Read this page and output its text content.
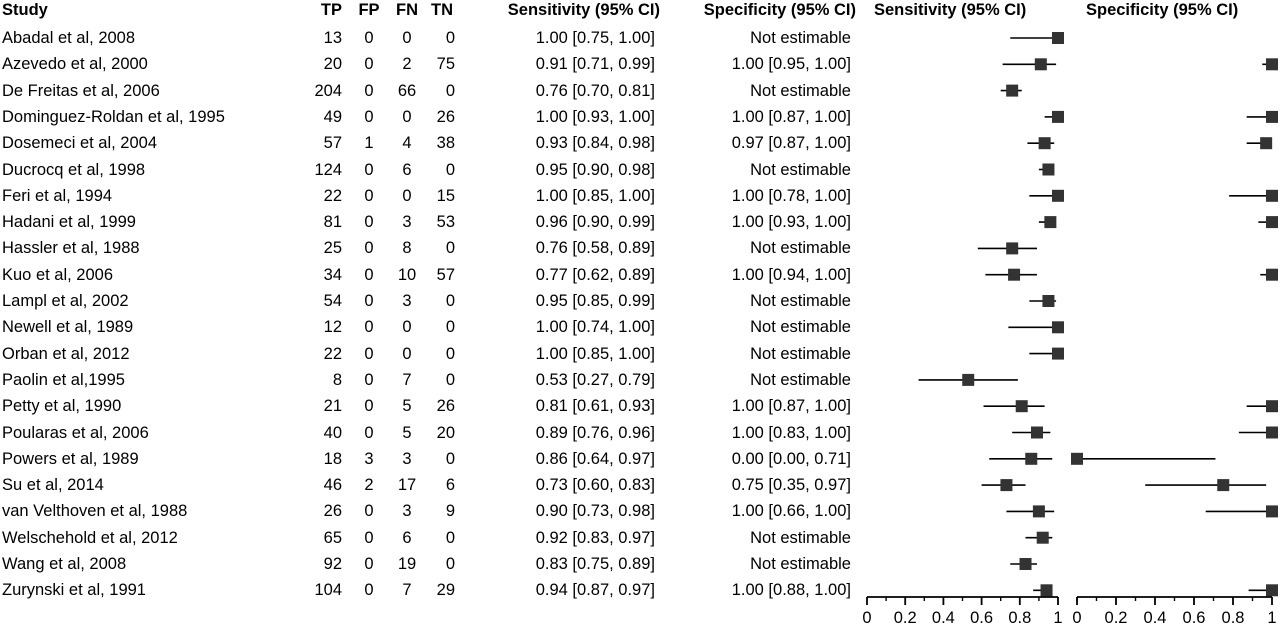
Study	TP FP FN TN	Sensitivity (95% CI)	Specificity (95% CI) Sensitivity (95% CI)	Specificity (95% CI)
Abadal et al, 2008	13	0	0	0	1.00 [0.75, 1.00]	Not estimable
Azevedo et al, 2000	20	0	2	75	0.91 [0.71, 0.99]	1.00 [0.95, 1.00]
De Freitas et al, 2006	204	0	66	0	0.76 [0.70, 0.81]	Not estimable
Dominguez-Roldan et al, 1995	49	0	0	26	1.00 [0.93, 1.00]	1.00 [0.87, 1.00]
Dosemeci et al, 2004	57	1	4	38	0.93 [0.84, 0.98]	0.97 [0.87, 1.00]
Ducrocq et al, 1998	124	0	6	0	0.95 [0.90, 0.98]	Not estimable
Feri et al, 1994	22	0	0	15	1.00 [0.85, 1.00]	1.00 [0.78, 1.00]
Hadani et al, 1999	81	0	3	53	0.96 [0.90, 0.99]	1.00 [0.93, 1.00]
Hassler et al, 1988	25	0	8	0	0.76 [0.58, 0.89]	Not estimable
Kuo et al, 2006	34	0	10	57	0.77 [0.62, 0.89]	1.00 [0.94, 1.00]
Lampl et al, 2002	54	0	3	0	0.95 [0.85, 0.99]	Not estimable
Newell et al, 1989	12	0	0	0	1.00 [0.74, 1.00]	Not estimable
Orban et al, 2012	22	0	0	0	1.00 [0.85, 1.00]	Not estimable
Paolin et al,1995	8	0	7	0	0.53 [0.27, 0.79]	Not estimable
Petty et al, 1990	21	0	5	26	0.81 [0.61, 0.93]	1.00 [0.87, 1.00]
Poularas et al, 2006	40	0	5	20	0.89 [0.76, 0.96]	1.00 [0.83, 1.00]
Powers et al, 1989	18	3	3	0	0.86 [0.64, 0.97]	0.00 [0.00, 0.71]
Su et al, 2014	46	2	17	6	0.73 [0.60, 0.83]	0.75 [0.35, 0.97]
van Velthoven et al, 1988	26	0	3	9	0.90 [0.73, 0.98]	1.00 [0.66, 1.00]
Welschehold et al, 2012	65	0	6	0	0.92 [0.83, 0.97]	Not estimable
Wang et al, 2008	92	0	19	0	0.83 [0.75, 0.89]	Not estimable
Zurynski et al, 1991	104	0	7	29	0.94 [0.87, 0.97]	1.00 [0.88, 1.00]
0 0.2 0.4 0.6 0.8 1 0 0.2 0.4 0.6 0.8 1
